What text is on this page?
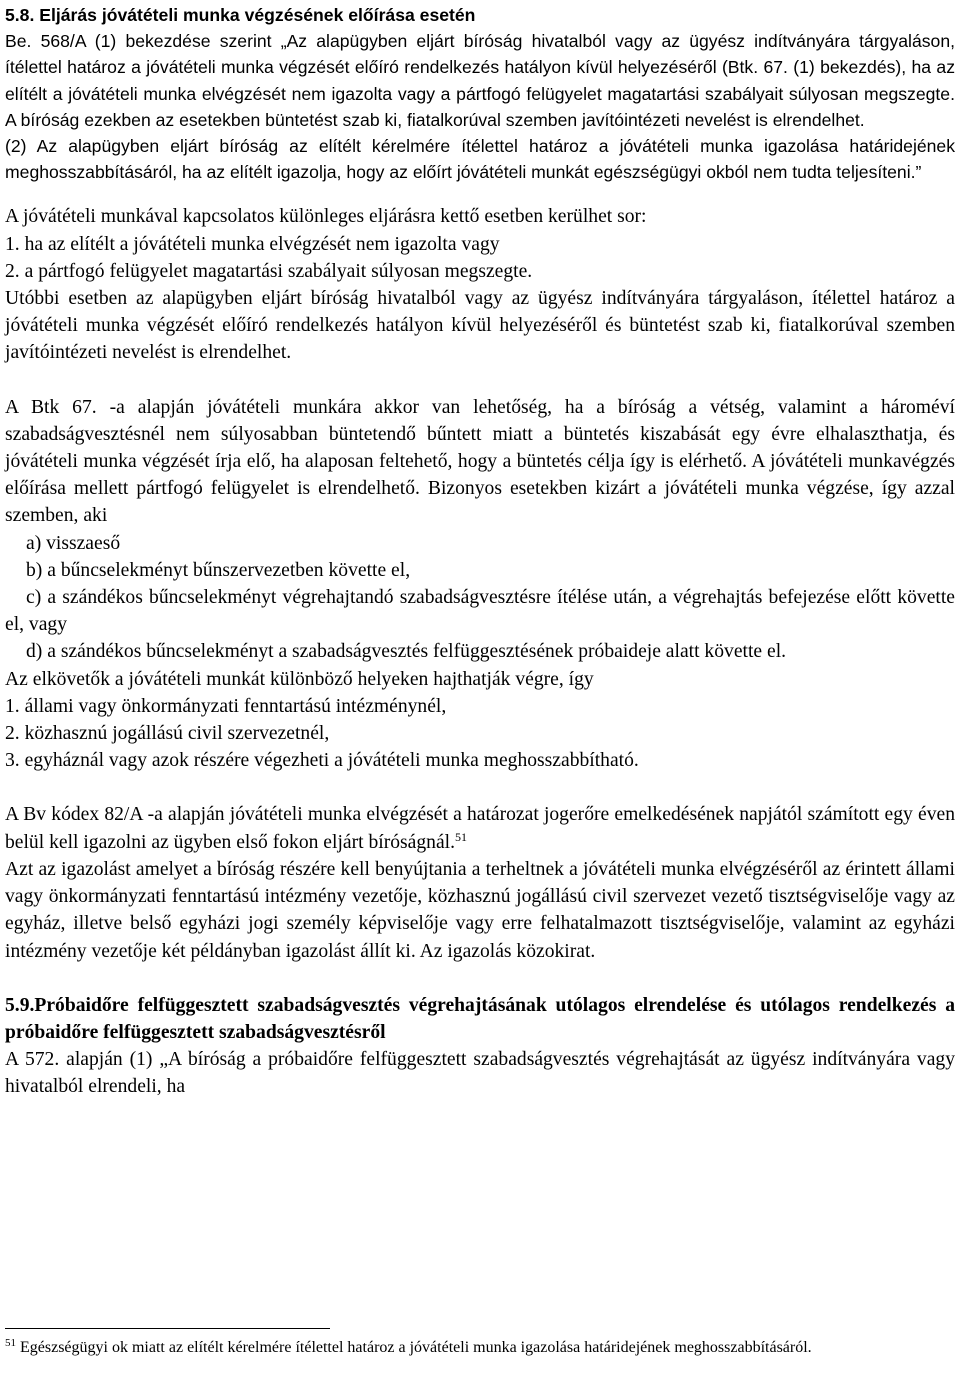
5.8. Eljárás jóvátételi munka végzésének előírása esetén

Be. 568/A (1) bekezdése szerint „Az alapügyben eljárt bíróság hivatalból vagy az ügyész indítványára tárgyaláson, ítélettel határoz a jóvátételi munka végzését előíró rendelkezés hatályon kívül helyezéséről (Btk. 67. (1) bekezdés), ha az elítélt a jóvátételi munka elvégzését nem igazolta vagy a pártfogó felügyelet magatartási szabályait súlyosan megszegte. A bíróság ezekben az esetekben büntetést szab ki, fiatalkorúval szemben javítóintézeti nevelést is elrendelhet.

(2) Az alapügyben eljárt bíróság az elítélt kérelmére ítélettel határoz a jóvátételi munka igazolása határidejének meghosszabbításáról, ha az elítélt igazolja, hogy az előírt jóvátételi munkát egészségügyi okból nem tudta teljesíteni.”

A jóvátételi munkával kapcsolatos különleges eljárásra kettő esetben kerülhet sor:

1. ha az elítélt a jóvátételi munka elvégzését nem igazolta vagy

2. a pártfogó felügyelet magatartási szabályait súlyosan megszegte.

Utóbbi esetben az alapügyben eljárt bíróság hivatalból vagy az ügyész indítványára tárgyaláson, ítélettel határoz a jóvátételi munka végzését előíró rendelkezés hatályon kívül helyezéséről és büntetést szab ki, fiatalkorúval szemben javítóintézeti nevelést is elrendelhet.

A Btk 67. -a alapján jóvátételi munkára akkor van lehetőség, ha a bíróság a vétség, valamint a hároméví szabadságvesztésnél nem súlyosabban büntetendő bűntett miatt a büntetés kiszabását egy évre elhalaszthatja, és jóvátételi munka végzését írja elő, ha alaposan feltehető, hogy a büntetés célja így is elérhető. A jóvátételi munkavégzés előírása mellett pártfogó felügyelet is elrendelhető. Bizonyos esetekben kizárt a jóvátételi munka végzése, így azzal szemben, aki

a) visszaeső

b) a bűncselekményt bűnszervezetben követte el,

c) a szándékos bűncselekményt végrehajtandó szabadságvesztésre ítélése után, a végrehajtás befejezése előtt követte el, vagy

d) a szándékos bűncselekményt a szabadságvesztés felfüggesztésének próbaideje alatt követte el.

Az elkövetők a jóvátételi munkát különböző helyeken hajthatják végre, így

1. állami vagy önkormányzati fenntartású intézménynél,

2. közhasznú jogállású civil szervezetnél,

3. egyháznál vagy azok részére végezheti a jóvátételi munka meghosszabbítható.

A Bv kódex 82/A -a alapján jóvátételi munka elvégzését a határozat jogerőre emelkedésének napjától számított egy éven belül kell igazolni az ügyben első fokon eljárt bíróságnál.$^{51}$

Azt az igazolást amelyet a bíróság részére kell benyújtania a terheltnek a jóvátételi munka elvégzéséről az érintett állami vagy önkormányzati fenntartású intézmény vezetője, közhasznú jogállású civil szervezet vezető tisztségviselője vagy az egyház, illetve belső egyházi jogi személy képviselője vagy erre felhatalmazott tisztségviselője, valamint az egyházi intézmény vezetője két példányban igazolást állít ki. Az igazolás közokirat.

5.9.Próbaidőre felfüggesztett szabadságvesztés végrehajtásának utólagos elrendelése és utólagos rendelkezés a próbaidőre felfüggesztett szabadságvesztésről

A 572. alapján (1) „A bíróság a próbaidőre felfüggesztett szabadságvesztés végrehajtását az ügyész indítványára vagy hivatalból elrendeli, ha

$^{51}$ Egészségügyi ok miatt az elítélt kérelmére ítélettel határoz a jóvátételi munka igazolása határidejének meghosszabbításáról.
